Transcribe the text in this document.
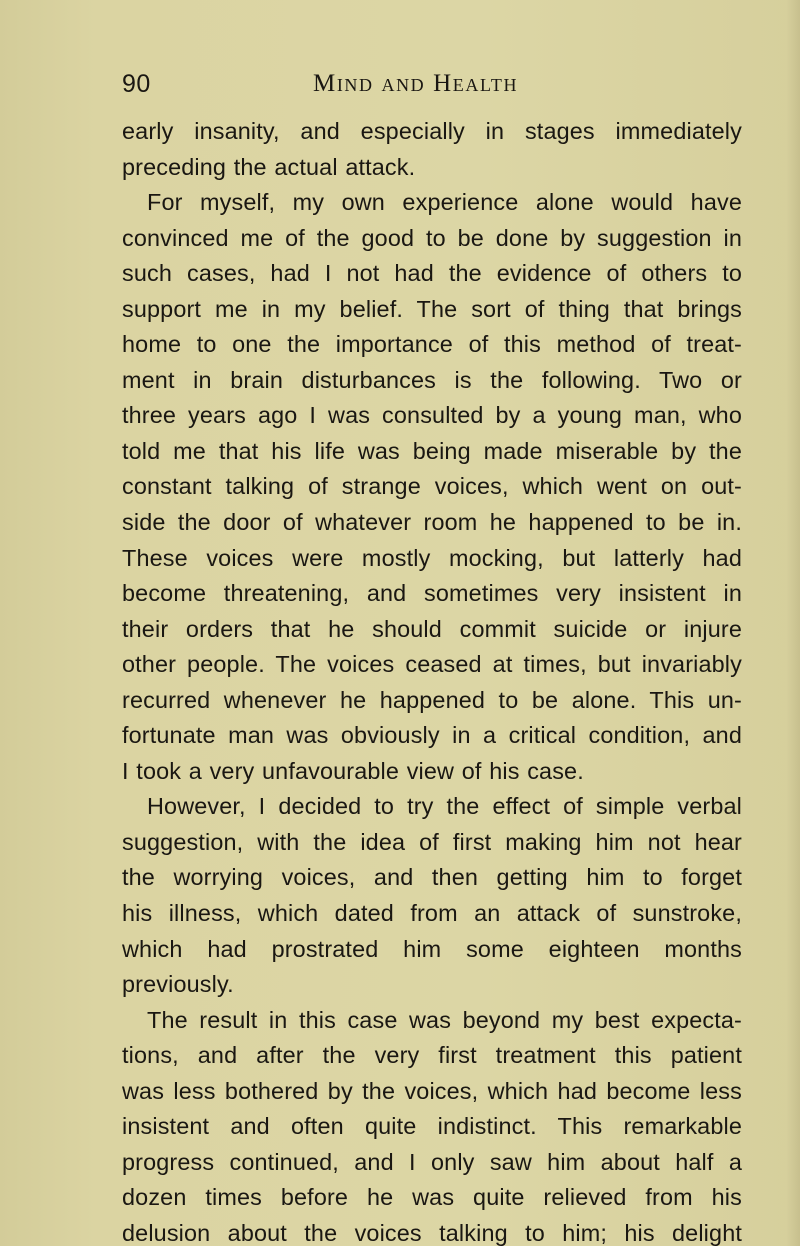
90	Mind and Health
early insanity, and especially in stages immediately
preceding the actual attack.
For myself, my own experience alone would have
convinced me of the good to be done by suggestion in
such cases, had I not had the evidence of others to
support me in my belief. The sort of thing that brings
home to one the importance of this method of treat-
ment in brain disturbances is the following. Two or
three years ago I was consulted by a young man, who
told me that his life was being made miserable by the
constant talking of strange voices, which went on out-
side the door of whatever room he happened to be in.
These voices were mostly mocking, but latterly had
become threatening, and sometimes very insistent in
their orders that he should commit suicide or injure
other people. The voices ceased at times, but invariably
recurred whenever he happened to be alone. This un-
fortunate man was obviously in a critical condition, and
I took a very unfavourable view of his case.
However, I decided to try the effect of simple verbal
suggestion, with the idea of first making him not hear
the worrying voices, and then getting him to forget
his illness, which dated from an attack of sunstroke,
which had prostrated him some eighteen months
previously.
The result in this case was beyond my best expecta-
tions, and after the very first treatment this patient
was less bothered by the voices, which had become less
insistent and often quite indistinct. This remarkable
progress continued, and I only saw him about half a
dozen times before he was quite relieved from his
delusion about the voices talking to him; his delight
